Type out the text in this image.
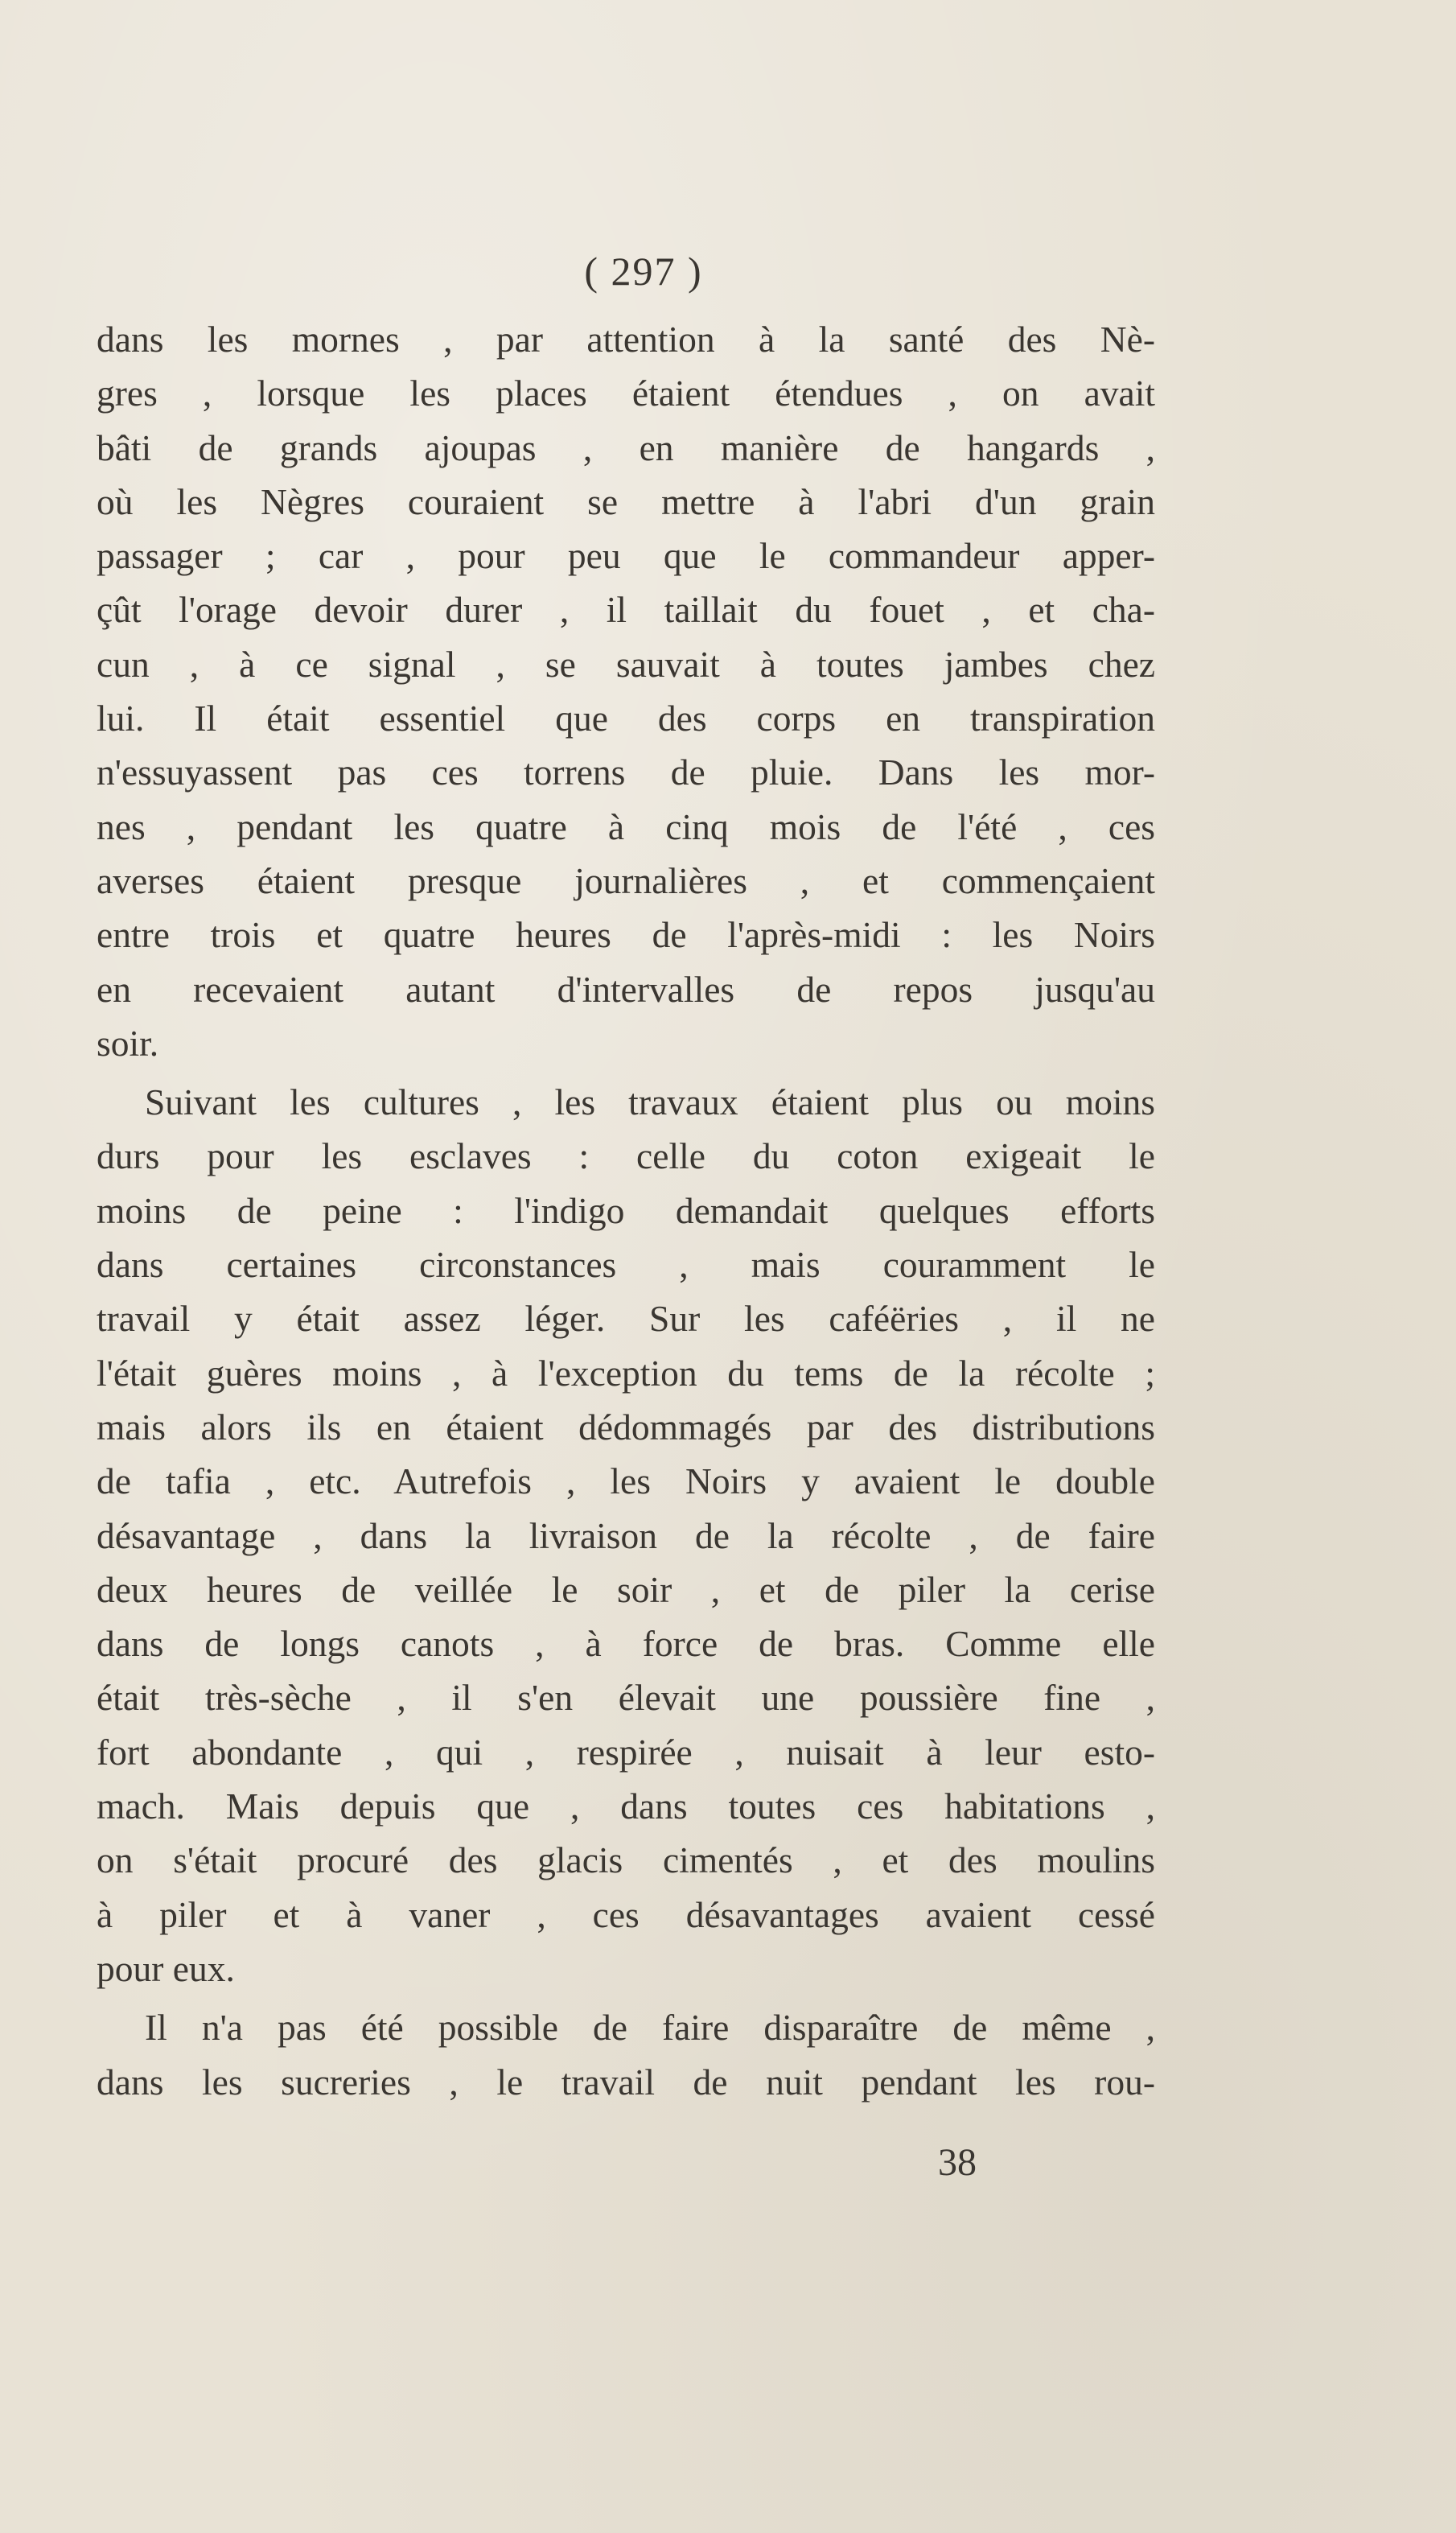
( 297 )
dans les mornes , par attention à la santé des Nè-
gres , lorsque les places étaient étendues , on avait
bâti de grands ajoupas , en manière de hangards ,
où les Nègres couraient se mettre à l'abri d'un grain
passager ; car , pour peu que le commandeur apper-
çût l'orage devoir durer , il taillait du fouet , et cha-
cun , à ce signal , se sauvait à toutes jambes chez
lui. Il était essentiel que des corps en transpiration
n'essuyassent pas ces torrens de pluie. Dans les mor-
nes , pendant les quatre à cinq mois de l'été , ces
averses étaient presque journalières , et commençaient
entre trois et quatre heures de l'après-midi : les Noirs
en recevaient autant d'intervalles de repos jusqu'au
soir.
Suivant les cultures , les travaux étaient plus ou moins
durs pour les esclaves : celle du coton exigeait le
moins de peine : l'indigo demandait quelques efforts
dans certaines circonstances , mais couramment le
travail y était assez léger. Sur les caféëries , il ne
l'était guères moins , à l'exception du tems de la récolte ;
mais alors ils en étaient dédommagés par des distributions
de tafia , etc. Autrefois , les Noirs y avaient le double
désavantage , dans la livraison de la récolte , de faire
deux heures de veillée le soir , et de piler la cerise
dans de longs canots , à force de bras. Comme elle
était très-sèche , il s'en élevait une poussière fine ,
fort abondante , qui , respirée , nuisait à leur esto-
mach. Mais depuis que , dans toutes ces habitations ,
on s'était procuré des glacis cimentés , et des moulins
à piler et à vaner , ces désavantages avaient cessé
pour eux.
Il n'a pas été possible de faire disparaître de même ,
dans les sucreries , le travail de nuit pendant les rou-
38
